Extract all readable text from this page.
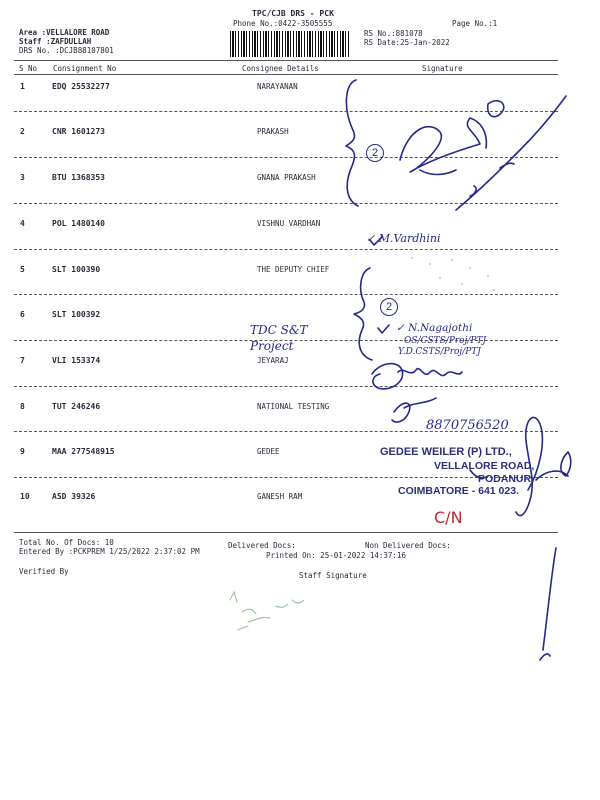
Area :VELLALORE ROAD
Staff :ZAFDULLAH
DRS No. :DCJB88107801
TPC/CJB DRS - PCK
Phone No.:0422-3505555
RS No.:881078
RS Date:25-Jan-2022
Page No.:1
S No Consignment No	Consignee Details	Signature
1	EDQ 25532277	NARAYANAN
2	CNR 1601273	PRAKASH
3	BTU 1368353	GNANA PRAKASH
4	POL 1480140	VISHNU VARDHAN
5	SLT 100390	THE DEPUTY CHIEF
6	SLT 100392
7	VLI 153374	JEYARAJ
8	TUT 246246	NATIONAL TESTING
9	MAA 277548915	GEDEE
10	ASD 39326	GANESH RAM
Total No. Of Docs: 10	Delivered Docs:	Non Delivered Docs:
Entered By :PCKPREM 1/25/2022 2:37:02 PM	Printed On: 25-01-2022 14:37:16
Verified By	Staff Signature
2
2
✓ M.Vardhini
TDC S&T Project
✓ N.Nagajothi
OS/CSTS/Proj/PTJ
Y.D.CSTS/Proj/PTJ
8870756520
C/N
GEDEE WEILER (P) LTD.,
VELLALORE ROAD,
PODANUR,
COIMBATORE - 641 023.
